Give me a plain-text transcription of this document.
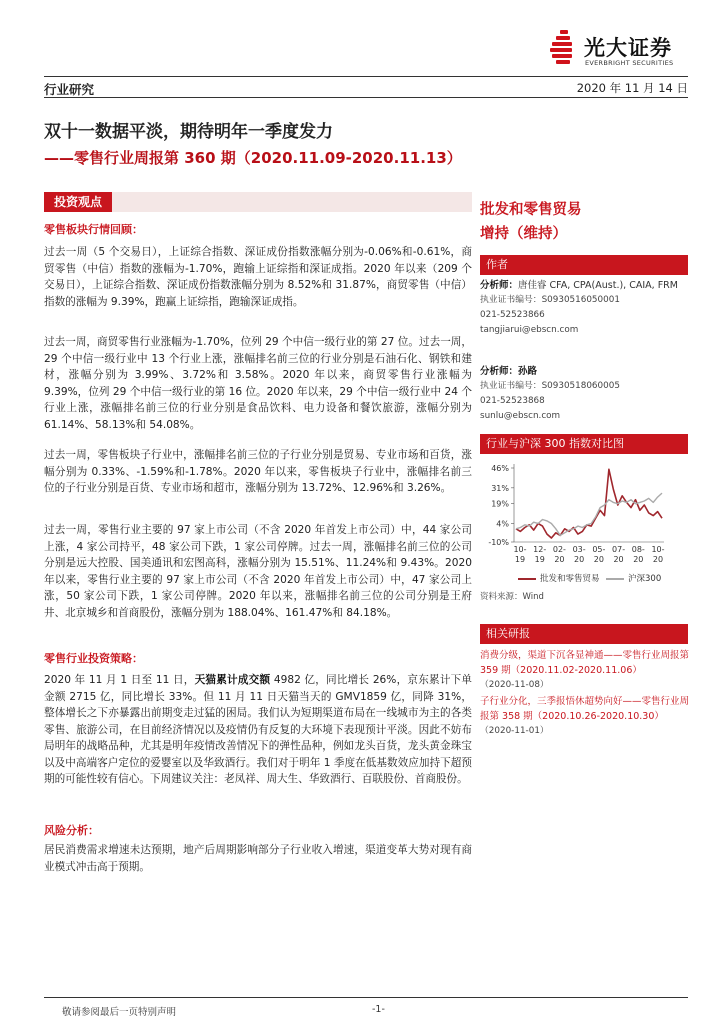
光大证券
EVERBRIGHT SECURITIES
行业研究	2020 年 11 月 14 日
双十一数据平淡，期待明年一季度发力
——零售行业周报第 360 期（2020.11.09-2020.11.13）
投资观点
零售板块行情回顾：
过去一周（5 个交易日），上证综合指数、深证成份指数涨幅分别为-0.06%和-0.61%，商贸零售（中信）指数的涨幅为-1.70%，跑输上证综指和深证成指。2020 年以来（209 个交易日），上证综合指数、深证成份指数涨幅分别为 8.52%和 31.87%，商贸零售（中信）指数的涨幅为 9.39%，跑赢上证综指，跑输深证成指。
过去一周，商贸零售行业涨幅为-1.70%，位列 29 个中信一级行业的第 27 位。过去一周，29 个中信一级行业中 13 个行业上涨，涨幅排名前三位的行业分别是石油石化、钢铁和建材，涨幅分别为 3.99%、3.72%和 3.58%。2020 年以来，商贸零售行业涨幅为 9.39%，位列 29 个中信一级行业的第 16 位。2020 年以来，29 个中信一级行业中 24 个行业上涨，涨幅排名前三位的行业分别是食品饮料、电力设备和餐饮旅游，涨幅分别为 61.14%、58.13%和 54.08%。
过去一周，零售板块子行业中，涨幅排名前三位的子行业分别是贸易、专业市场和百货，涨幅分别为 0.33%、-1.59%和-1.78%。2020 年以来，零售板块子行业中，涨幅排名前三位的子行业分别是百货、专业市场和超市，涨幅分别为 13.72%、12.96%和 3.26%。
过去一周，零售行业主要的 97 家上市公司（不含 2020 年首发上市公司）中，44 家公司上涨，4 家公司持平，48 家公司下跌，1 家公司停牌。过去一周，涨幅排名前三位的公司分别是远大控股、国美通讯和宏图高科，涨幅分别为 15.51%、11.24%和 9.43%。2020 年以来，零售行业主要的 97 家上市公司（不含 2020 年首发上市公司）中，47 家公司上涨，50 家公司下跌，1 家公司停牌。2020 年以来，涨幅排名前三位的公司分别是王府井、北京城乡和首商股份，涨幅分别为 188.04%、161.47%和 84.18%。
零售行业投资策略：
2020 年 11 月 1 日至 11 日，天猫累计成交额 4982 亿，同比增长 26%，京东累计下单金额 2715 亿，同比增长 33%。但 11 月 11 日天猫当天的 GMV1859 亿，同降 31%，整体增长之下亦暴露出前期变走过猛的困局。我们认为短期渠道布局在一线城市为主的各类零售、旅游公司，在目前经济情况以及疫情仍有反复的大环境下表现预计平淡。因此不妨布局明年的战略品种，尤其是明年疫情改善情况下的弹性品种，例如龙头百货，龙头黄金珠宝以及中高端客户定位的爱婴室以及华致酒行。我们对于明年 1 季度在低基数效应加持下超预期的可能性较有信心。下周建议关注：老凤祥、周大生、华致酒行、百联股份、首商股份。
风险分析：
居民消费需求增速未达预期，地产后周期影响部分子行业收入增速，渠道变革大势对现有商业模式冲击高于预期。
批发和零售贸易
增持（维持）
作者
分析师：唐佳睿 CFA, CPA(Aust.), CAIA, FRM
执业证书编号：S0930516050001
021-52523866
tangjiarui@ebscn.com
分析师：孙路
执业证书编号：S0930518060005
021-52523868
sunlu@ebscn.com
行业与沪深 300 指数对比图
46%
31%
19%
4%
-10%
10-
19
12-
19
02-
20
03-
20
05-
20
07-
20
08-
20
10-
20
批发和零售贸易	沪深300
资料来源：Wind
相关研报
消费分级，渠道下沉各显神通——零售行业周报第 359 期（2020.11.02-2020.11.06）
（2020-11-08）
子行业分化，三季报悟休超势向好——零售行业周报第 358 期（2020.10.26-2020.10.30）
（2020-11-01）
敬请参阅最后一页特别声明	-1-
